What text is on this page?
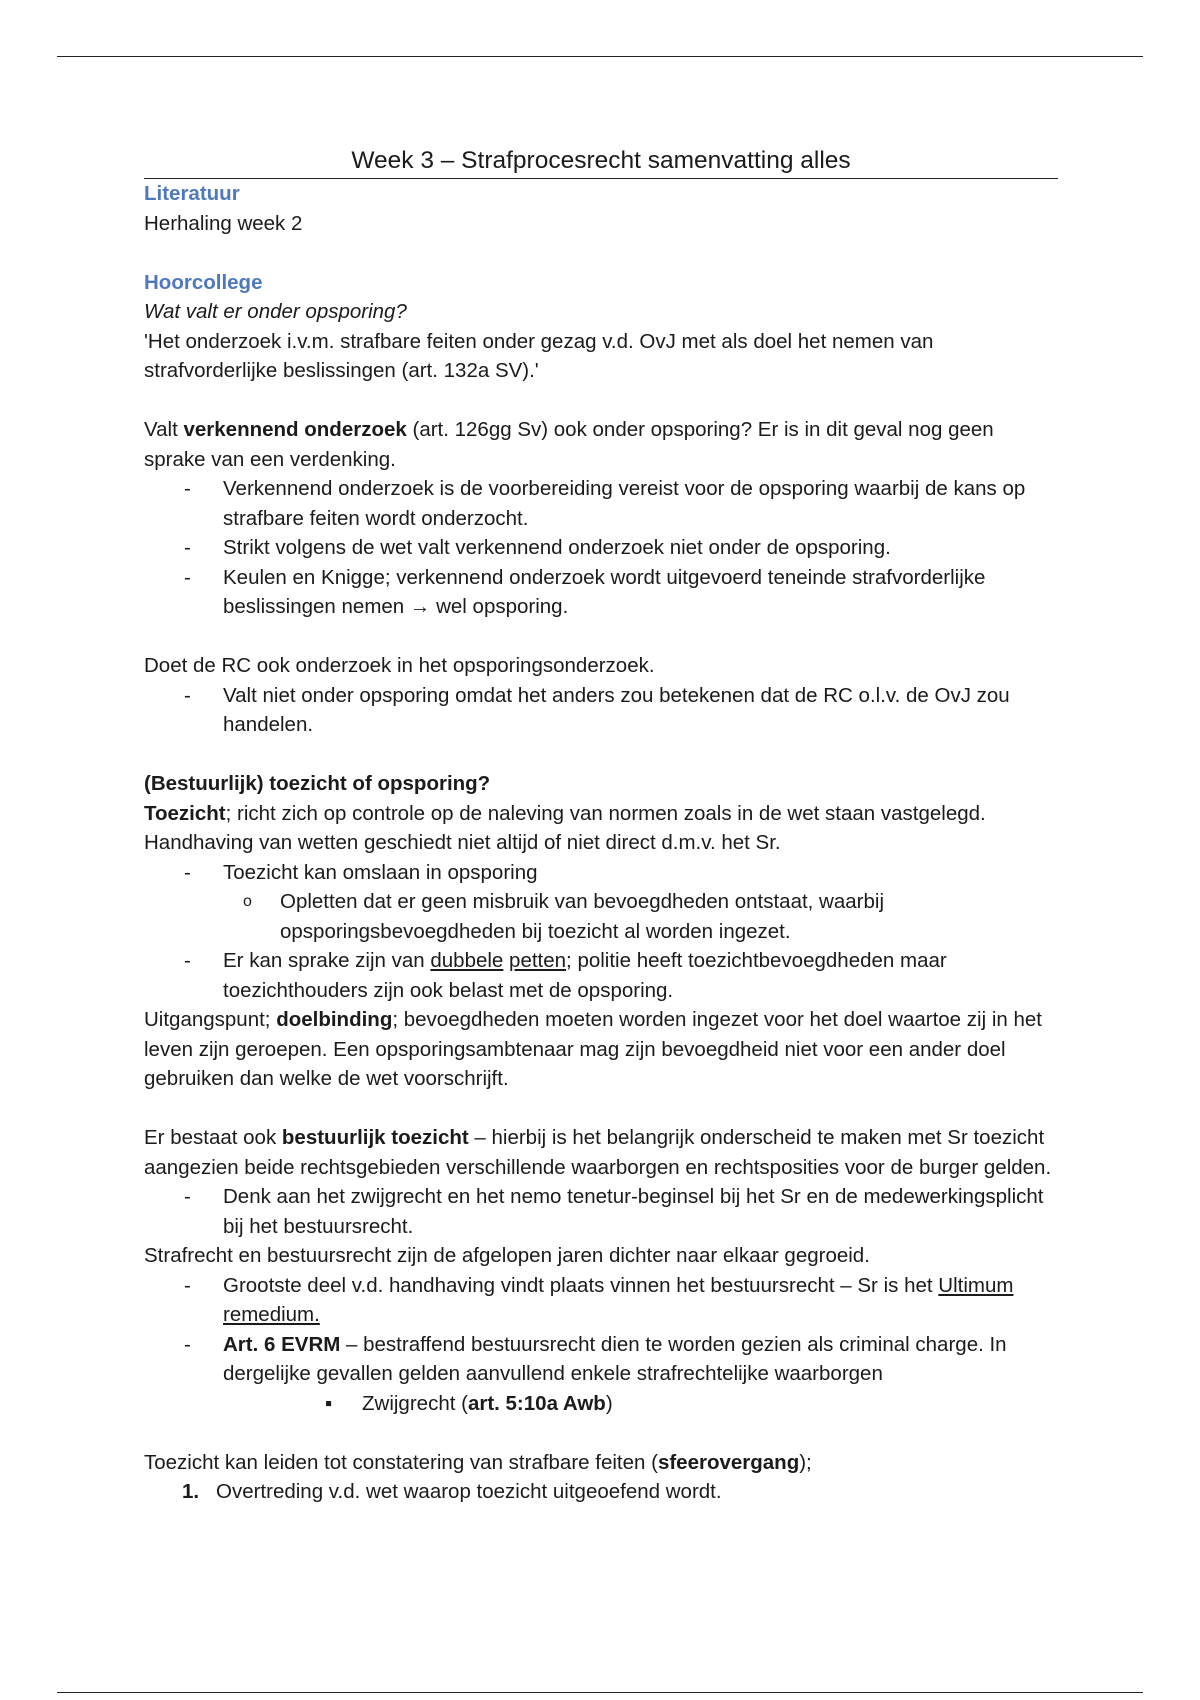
Week 3 – Strafprocesrecht samenvatting alles

Literatuur

Herhaling week 2

Hoorcollege

Wat valt er onder opsporing?

'Het onderzoek i.v.m. strafbare feiten onder gezag v.d. OvJ met als doel het nemen van strafvorderlijke beslissingen (art. 132a SV).'

Valt verkennend onderzoek (art. 126gg Sv) ook onder opsporing? Er is in dit geval nog geen sprake van een verdenking.

- Verkennend onderzoek is de voorbereiding vereist voor de opsporing waarbij de kans op strafbare feiten wordt onderzocht.
- Strikt volgens de wet valt verkennend onderzoek niet onder de opsporing.
- Keulen en Knigge; verkennend onderzoek wordt uitgevoerd teneinde strafvorderlijke beslissingen nemen → wel opsporing.

Doet de RC ook onderzoek in het opsporingsonderzoek.

- Valt niet onder opsporing omdat het anders zou betekenen dat de RC o.l.v. de OvJ zou handelen.

(Bestuurlijk) toezicht of opsporing?

Toezicht; richt zich op controle op de naleving van normen zoals in de wet staan vastgelegd. Handhaving van wetten geschiedt niet altijd of niet direct d.m.v. het Sr.

- Toezicht kan omslaan in opsporing
o Opletten dat er geen misbruik van bevoegdheden ontstaat, waarbij opsporingsbevoegdheden bij toezicht al worden ingezet.
- Er kan sprake zijn van dubbele petten; politie heeft toezichtbevoegdheden maar toezichthouders zijn ook belast met de opsporing.

Uitgangspunt; doelbinding; bevoegdheden moeten worden ingezet voor het doel waartoe zij in het leven zijn geroepen. Een opsporingsambtenaar mag zijn bevoegdheid niet voor een ander doel gebruiken dan welke de wet voorschrijft.

Er bestaat ook bestuurlijk toezicht – hierbij is het belangrijk onderscheid te maken met Sr toezicht aangezien beide rechtsgebieden verschillende waarborgen en rechtsposities voor de burger gelden.

- Denk aan het zwijgrecht en het nemo tenetur-beginsel bij het Sr en de medewerkingsplicht bij het bestuursrecht.

Strafrecht en bestuursrecht zijn de afgelopen jaren dichter naar elkaar gegroeid.

- Grootste deel v.d. handhaving vindt plaats vinnen het bestuursrecht – Sr is het Ultimum remedium.
- Art. 6 EVRM – bestraffend bestuursrecht dien te worden gezien als criminal charge. In dergelijke gevallen gelden aanvullend enkele strafrechtelijke waarborgen
▪ Zwijgrecht (art. 5:10a Awb)

Toezicht kan leiden tot constatering van strafbare feiten (sfeerovergang);

1. Overtreding v.d. wet waarop toezicht uitgeoefend wordt.
